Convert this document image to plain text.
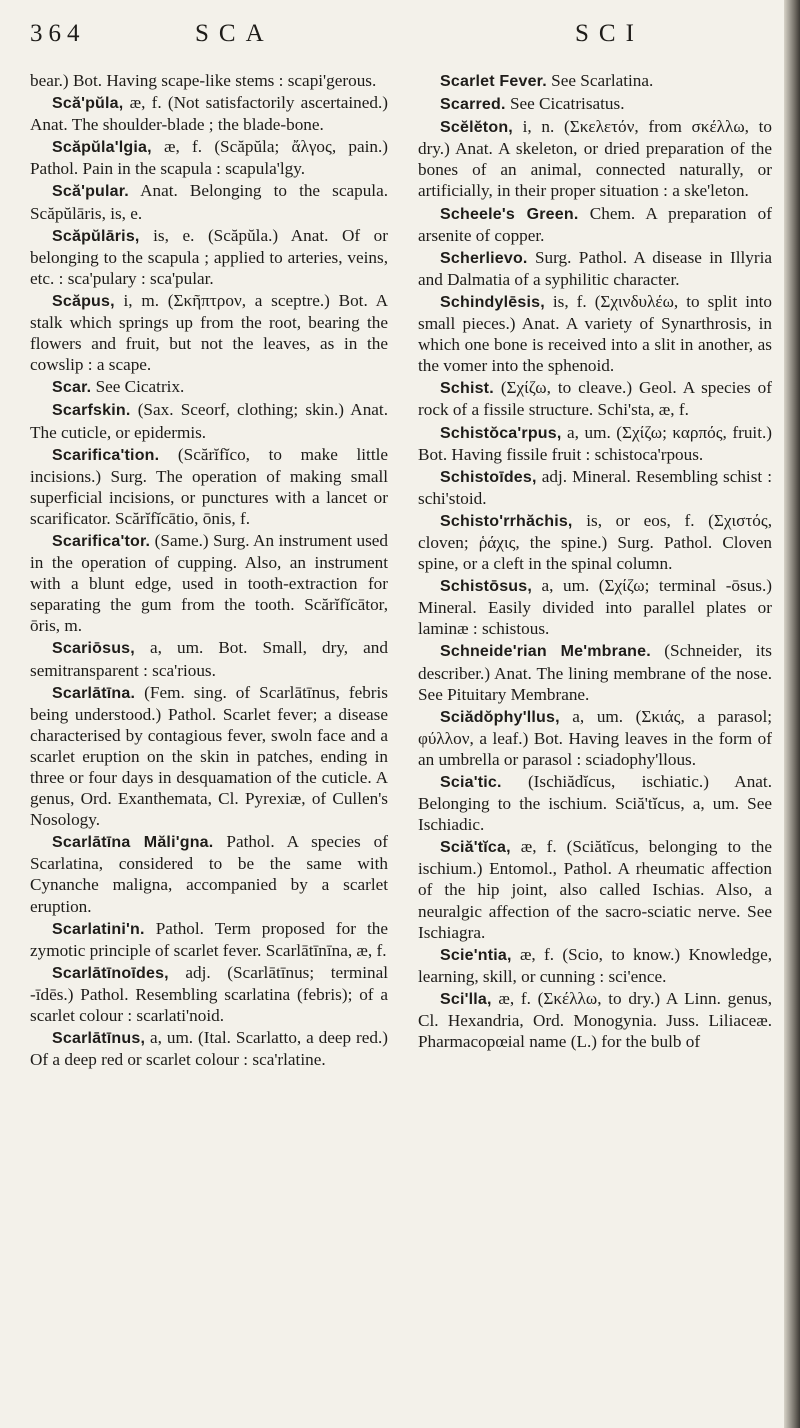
364	SCA	SCI

bear.) Bot. Having scape-like stems : scapi'gerous.

Scă'pŭla, æ, f. (Not satisfactorily ascertained.) Anat. The shoulder-blade ; the blade-bone.

Scăpŭla'lgia, æ, f. (Scăpŭla; ἄλγος, pain.) Pathol. Pain in the scapula : scapula'lgy.

Scă'pular. Anat. Belonging to the scapula. Scăpŭlāris, is, e.

Scăpŭlāris, is, e. (Scăpŭla.) Anat. Of or belonging to the scapula ; applied to arteries, veins, etc. : sca'pulary : sca'pular.

Scăpus, i, m. (Σκῆπτρον, a sceptre.) Bot. A stalk which springs up from the root, bearing the flowers and fruit, but not the leaves, as in the cowslip : a scape.

Scar. See Cicatrix.

Scarfskin. (Sax. Sceorf, clothing; skin.) Anat. The cuticle, or epidermis.

Scarifica'tion. (Scărĭfĭco, to make little incisions.) Surg. The operation of making small superficial incisions, or punctures with a lancet or scarificator. Scărĭfĭcātio, ōnis, f.

Scarifica'tor. (Same.) Surg. An instrument used in the operation of cupping. Also, an instrument with a blunt edge, used in tooth-extraction for separating the gum from the tooth. Scărĭfĭcātor, ōris, m.

Scariōsus, a, um. Bot. Small, dry, and semitransparent : sca'rious.

Scarlātīna. (Fem. sing. of Scarlātīnus, febris being understood.) Pathol. Scarlet fever; a disease characterised by contagious fever, swoln face and a scarlet eruption on the skin in patches, ending in three or four days in desquamation of the cuticle. A genus, Ord. Exanthemata, Cl. Pyrexiæ, of Cullen's Nosology.

Scarlātīna Măli'gna. Pathol. A species of Scarlatina, considered to be the same with Cynanche maligna, accompanied by a scarlet eruption.

Scarlatini'n. Pathol. Term proposed for the zymotic principle of scarlet fever. Scarlātīnīna, æ, f.

Scarlātīnoīdes, adj. (Scarlātīnus; terminal -īdēs.) Pathol. Resembling scarlatina (febris); of a scarlet colour : scarlati'noid.

Scarlātīnus, a, um. (Ital. Scarlatto, a deep red.) Of a deep red or scarlet colour : sca'rlatine.

Scarlet Fever. See Scarlatina.

Scarred. See Cicatrisatus.

Scĕlĕton, i, n. (Σκελετόν, from σκέλλω, to dry.) Anat. A skeleton, or dried preparation of the bones of an animal, connected naturally, or artificially, in their proper situation : a ske'leton.

Scheele's Green. Chem. A preparation of arsenite of copper.

Scherlievo. Surg. Pathol. A disease in Illyria and Dalmatia of a syphilitic character.

Schindylēsis, is, f. (Σχινδυλέω, to split into small pieces.) Anat. A variety of Synarthrosis, in which one bone is received into a slit in another, as the vomer into the sphenoid.

Schist. (Σχίζω, to cleave.) Geol. A species of rock of a fissile structure. Schi'sta, æ, f.

Schistŏca'rpus, a, um. (Σχίζω; καρπός, fruit.) Bot. Having fissile fruit : schistoca'rpous.

Schistoīdes, adj. Mineral. Resembling schist : schi'stoid.

Schisto'rrhăchis, is, or eos, f. (Σχιστός, cloven; ῥάχις, the spine.) Surg. Pathol. Cloven spine, or a cleft in the spinal column.

Schistōsus, a, um. (Σχίζω; terminal -ōsus.) Mineral. Easily divided into parallel plates or laminæ : schistous.

Schneide'rian Me'mbrane. (Schneider, its describer.) Anat. The lining membrane of the nose. See Pituitary Membrane.

Sciădŏphy'llus, a, um. (Σκιάς, a parasol; φύλλον, a leaf.) Bot. Having leaves in the form of an umbrella or parasol : sciadophy'llous.

Scia'tic. (Ischiădĭcus, ischiatic.) Anat. Belonging to the ischium. Sciă'tĭcus, a, um. See Ischiadic.

Sciă'tĭca, æ, f. (Sciătĭcus, belonging to the ischium.) Entomol., Pathol. A rheumatic affection of the hip joint, also called Ischias. Also, a neuralgic affection of the sacro-sciatic nerve. See Ischiagra.

Scie'ntia, æ, f. (Scio, to know.) Knowledge, learning, skill, or cunning : sci'ence.

Sci'lla, æ, f. (Σκέλλω, to dry.) A Linn. genus, Cl. Hexandria, Ord. Monogynia. Juss. Liliaceæ. Pharmacopœial name (L.) for the bulb of
